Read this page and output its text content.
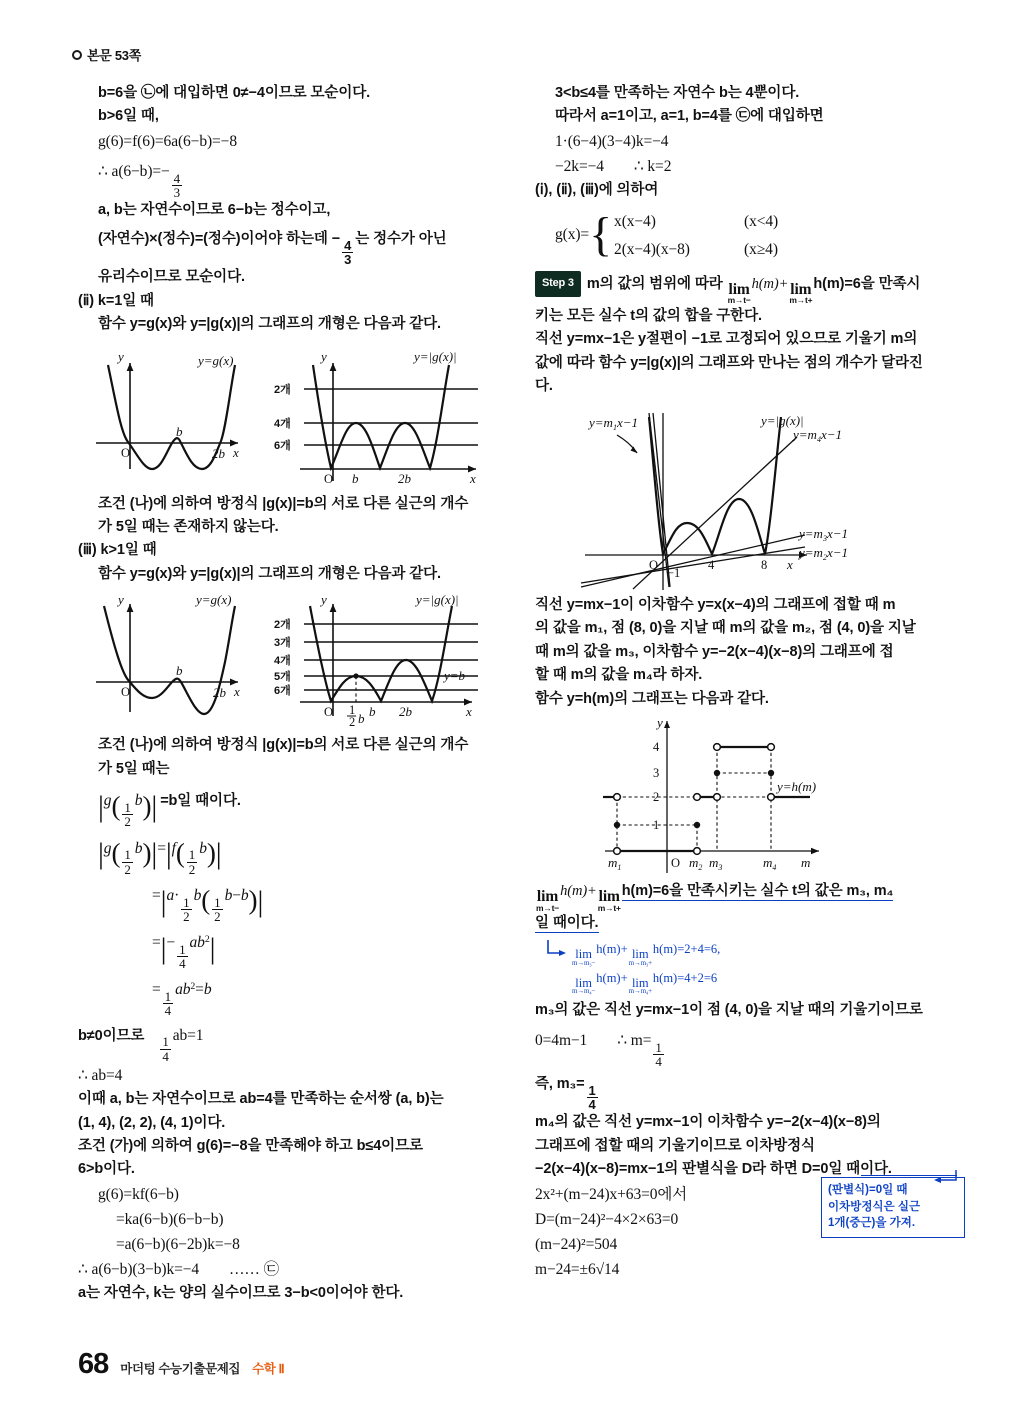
본문 53쪽
b=6을 ㉡에 대입하면 0≠−4이므로 모순이다.
b>6일 때,
g(6)=f(6)=6a(6−b)=−8
∴ a(6−b)=−
$\frac{4}{3}$
a, b는 자연수이므로 6−b는 정수이고,
(자연수)×(정수)=(정수)이어야 하는데 − $\frac{4}{3}$ 는 정수가 아닌
유리수이므로 모순이다.
(ⅱ) k=1일 때
함수 y=g(x)와 y=|g(x)|의 그래프의 개형은 다음과 같다.
y
x
O
b
2b
y=g(x)	y
x
O b	2b
y=|g(x)|
2개
4개
6개
조건 (나)에 의하여 방정식 |g(x)|=b의 서로 다른 실근의 개수
가 5일 때는 존재하지 않는다.
(ⅲ) k>1일 때
함수 y=g(x)와 y=|g(x)|의 그래프의 개형은 다음과 같다.
y
x
O
b
2b
y=g(x)	y
x
O	b 2b
y=|g(x)|
y=b
1
2 b
2개
3개
4개
5개
6개
조건 (나)에 의하여 방정식 |g(x)|=b의 서로 다른 실근의 개수
가 5일 때는
$|g( \frac{1}{2}$
b)| =b일 때이다.
$|g( \frac{1}{2}$
$b)|=|f( \frac{1}{2}$
b)|
=|a·
$\frac{1}{2}$
$b( \frac{1}{2}$
b−b)|
=|−
$\frac{1}{4}$
$ab^2|$
=
$\frac{1}{4}$
$ab^2=b$
b≠0이므로 $\frac{1}{4}$
ab=1
∴ ab=4
이때 a, b는 자연수이므로 ab=4를 만족하는 순서쌍 (a, b)는
(1, 4), (2, 2), (4, 1)이다.
조건 (가)에 의하여 g(6)=−8을 만족해야 하고 b≤4이므로
6>b이다.
g(6)=kf(6−b)
=ka(6−b)(6−b−b)
=a(6−b)(6−2b)k=−8
∴ a(6−b)(3−b)k=−4 …… ㉢
a는 자연수, k는 양의 실수이므로 3−b<0이어야 한다.
3<b≤4를 만족하는 자연수 b는 4뿐이다.
따라서 a=1이고, a=1, b=4를 ㉢에 대입하면
1·(6−4)(3−4)k=−4
−2k=−4 ∴ k=2
(ⅰ), (ⅱ), (ⅲ)에 의하여
g(x)= { x(x−4)	(x<4)
2(x−4)(x−8)	(x≥4)
Step 3 m의 값의 범위에 따라 lim
m→t−
h(m)+ lim
m→t+
h(m)=6을 만족시
키는 모든 실수 t의 값의 합을 구한다.
직선 y=mx−1은 y절편이 −1로 고정되어 있으므로 기울기 m의
값에 따라 함수 y=|g(x)|의 그래프와 만나는 점의 개수가 달라진
다.
$y=m_1x-1$	y=|g(x)|
$y=m_4x-1$
$y=m_3x-1$
$y=m_2x-1$
O
−1
4	8 x
직선 y=mx−1이 이차함수 y=x(x−4)의 그래프에 접할 때 m
의 값을 m₁, 점 (8, 0)을 지날 때 m의 값을 m₂, 점 (4, 0)을 지날
때 m의 값을 m₃, 이차함수 y=−2(x−4)(x−8)의 그래프에 접
할 때 m의 값을 m₄라 하자.
함수 y=h(m)의 그래프는 다음과 같다.
y
1
2
3
4
O
$m_1$	$m_2$ $m_3$	$m_4$ m
y=h(m)
lim
m→t−
h(m)+ lim
m→t+
h(m)=6을 만족시키는 실수 t의 값은 m₃, m₄
일 때이다.
lim
m→m₃−
h(m)+ lim
m→m₃+
h(m)=2+4=6,
lim
m→m₄−
h(m)+ lim
m→m₄+
h(m)=4+2=6
m₃의 값은 직선 y=mx−1이 점 (4, 0)을 지날 때의 기울기이므로
0=4m−1 ∴ m=
$\frac{1}{4}$
즉, $m_3= \frac{1}{4}$
m₄의 값은 직선 y=mx−1이 이차함수 y=−2(x−4)(x−8)의
그래프에 접할 때의 기울기이므로 이차방정식
−2(x−4)(x−8)=mx−1의 판별식을 D라 하면 D=0일 때이다.
2x²+(m−24)x+63=0에서
D=(m−24)²−4×2×63=0
(m−24)²=504
m−24=±6√14
(판별식)=0일 때
이차방정식은 실근
1개(중근)을 가져.
68 마더텅 수능기출문제집 수학 Ⅱ
